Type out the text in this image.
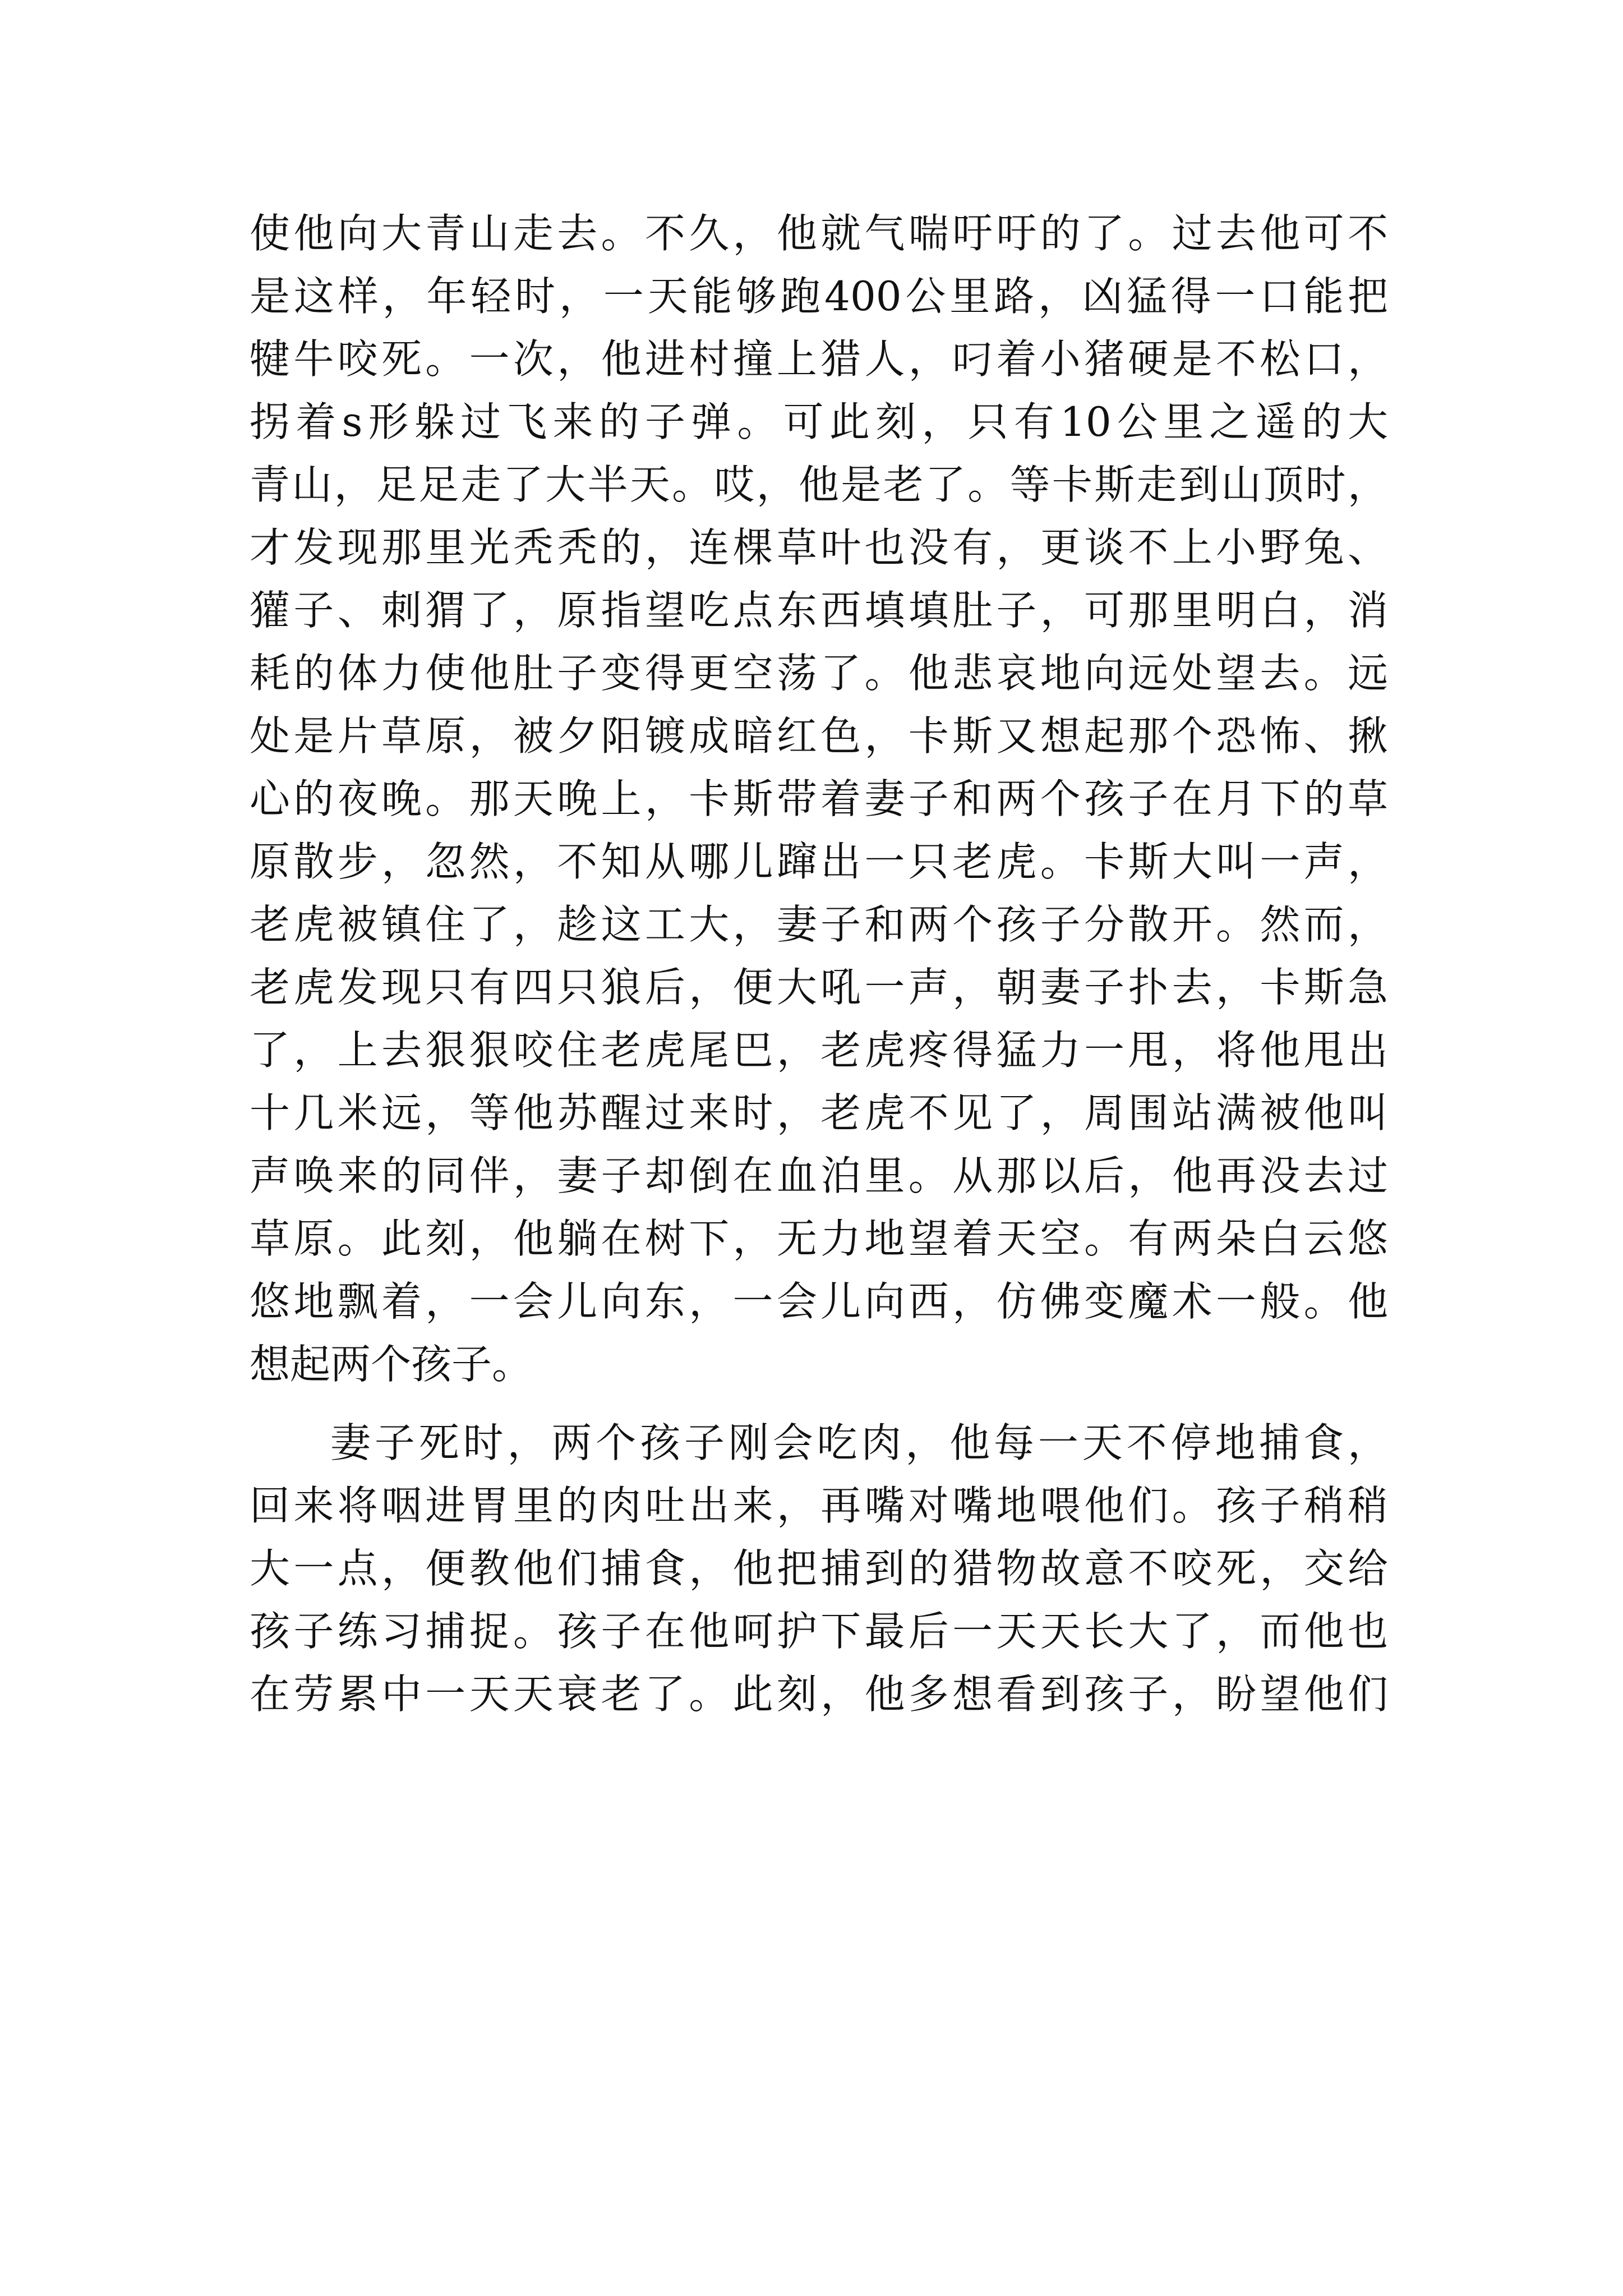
使他向大青山走去。不久，他就气喘吁吁的了。过去他可不
是这样，年轻时，一天能够跑400公里路，凶猛得一口能把
犍牛咬死。一次，他进村撞上猎人，叼着小猪硬是不松口，
拐着s形躲过飞来的子弹。可此刻，只有10公里之遥的大
青山，足足走了大半天。哎，他是老了。等卡斯走到山顶时，
才发现那里光秃秃的，连棵草叶也没有，更谈不上小野兔、
獾子、刺猬了，原指望吃点东西填填肚子，可那里明白，消
耗的体力使他肚子变得更空荡了。他悲哀地向远处望去。远
处是片草原，被夕阳镀成暗红色，卡斯又想起那个恐怖、揪
心的夜晚。那天晚上，卡斯带着妻子和两个孩子在月下的草
原散步，忽然，不知从哪儿蹿出一只老虎。卡斯大叫一声，
老虎被镇住了，趁这工大，妻子和两个孩子分散开。然而，
老虎发现只有四只狼后，便大吼一声，朝妻子扑去，卡斯急
了，上去狠狠咬住老虎尾巴，老虎疼得猛力一甩，将他甩出
十几米远，等他苏醒过来时，老虎不见了，周围站满被他叫
声唤来的同伴，妻子却倒在血泊里。从那以后，他再没去过
草原。此刻，他躺在树下，无力地望着天空。有两朵白云悠
悠地飘着，一会儿向东，一会儿向西，仿佛变魔术一般。他
想起两个孩子。
妻子死时，两个孩子刚会吃肉，他每一天不停地捕食，
回来将咽进胃里的肉吐出来，再嘴对嘴地喂他们。孩子稍稍
大一点，便教他们捕食，他把捕到的猎物故意不咬死，交给
孩子练习捕捉。孩子在他呵护下最后一天天长大了，而他也
在劳累中一天天衰老了。此刻，他多想看到孩子，盼望他们
